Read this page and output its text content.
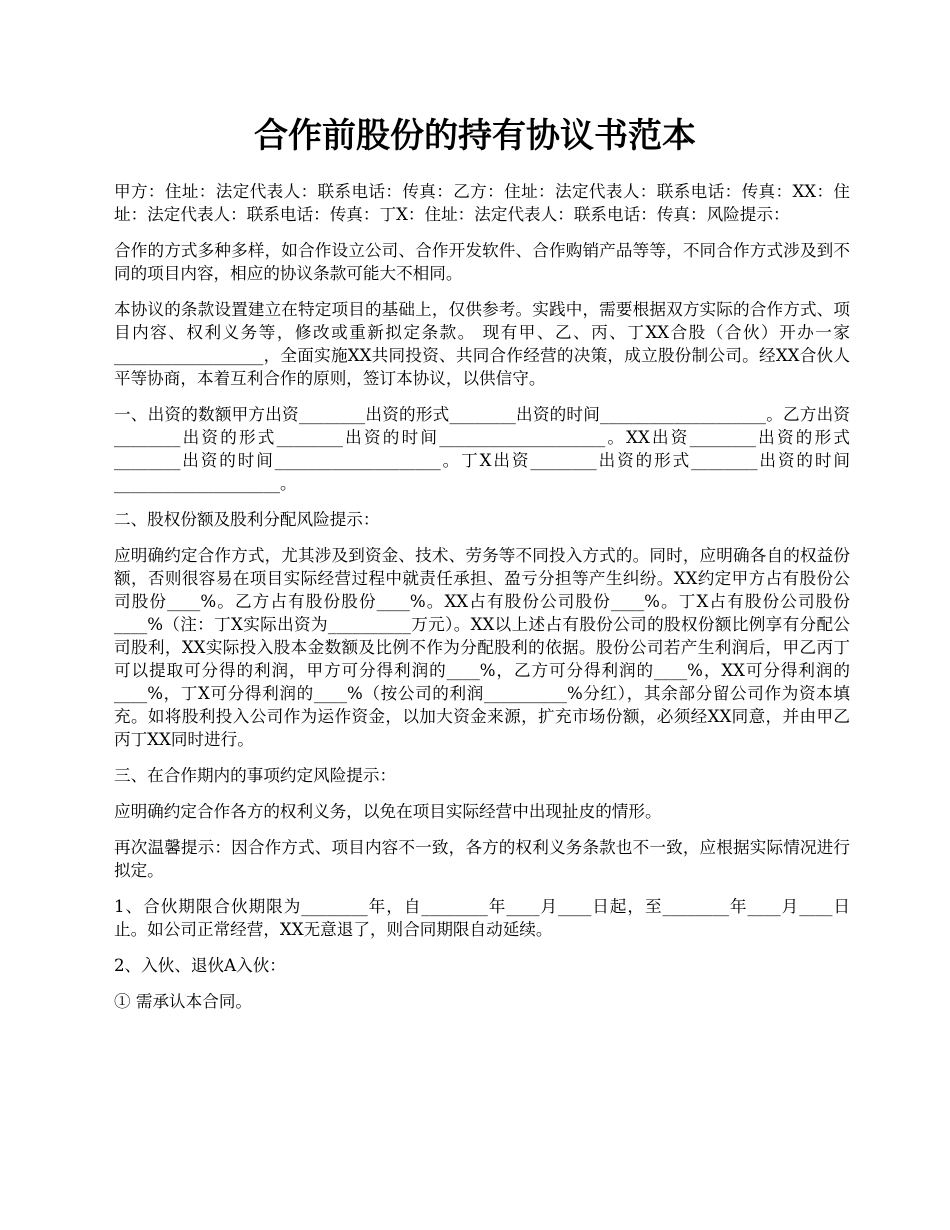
合作前股份的持有协议书范本

甲方：住址：法定代表人：联系电话：传真：乙方：住址：法定代表人：联系电话：传真：XX：住址：法定代表人：联系电话：传真：丁X：住址：法定代表人：联系电话：传真：风险提示：

合作的方式多种多样，如合作设立公司、合作开发软件、合作购销产品等等，不同合作方式涉及到不同的项目内容，相应的协议条款可能大不相同。

本协议的条款设置建立在特定项目的基础上，仅供参考。实践中，需要根据双方实际的合作方式、项目内容、权利义务等，修改或重新拟定条款。 现有甲、乙、丙、丁XX合股（合伙）开办一家__________________，全面实施XX共同投资、共同合作经营的决策，成立股份制公司。经XX合伙人平等协商，本着互利合作的原则，签订本协议，以供信守。

一、出资的数额甲方出资________出资的形式________出资的时间____________________。乙方出资________出资的形式________出资的时间____________________。XX出资________出资的形式________出资的时间____________________。丁X出资________出资的形式________出资的时间____________________。

二、股权份额及股利分配风险提示：

应明确约定合作方式，尤其涉及到资金、技术、劳务等不同投入方式的。同时，应明确各自的权益份额，否则很容易在项目实际经营过程中就责任承担、盈亏分担等产生纠纷。XX约定甲方占有股份公司股份____%。乙方占有股份股份____%。XX占有股份公司股份____%。丁X占有股份公司股份____%（注：丁X实际出资为__________万元）。XX以上述占有股份公司的股权份额比例享有分配公司股利，XX实际投入股本金数额及比例不作为分配股利的依据。股份公司若产生利润后，甲乙丙丁可以提取可分得的利润，甲方可分得利润的____%，乙方可分得利润的____%，XX可分得利润的____%，丁X可分得利润的____%（按公司的利润__________%分红），其余部分留公司作为资本填充。如将股利投入公司作为运作资金，以加大资金来源，扩充市场份额，必须经XX同意，并由甲乙丙丁XX同时进行。

三、在合作期内的事项约定风险提示：

应明确约定合作各方的权利义务，以免在项目实际经营中出现扯皮的情形。

再次温馨提示：因合作方式、项目内容不一致，各方的权利义务条款也不一致，应根据实际情况进行拟定。

1、合伙期限合伙期限为________年，自________年____月____日起，至________年____月____日止。如公司正常经营，XX无意退了，则合同期限自动延续。

2、入伙、退伙A入伙：

① 需承认本合同。
